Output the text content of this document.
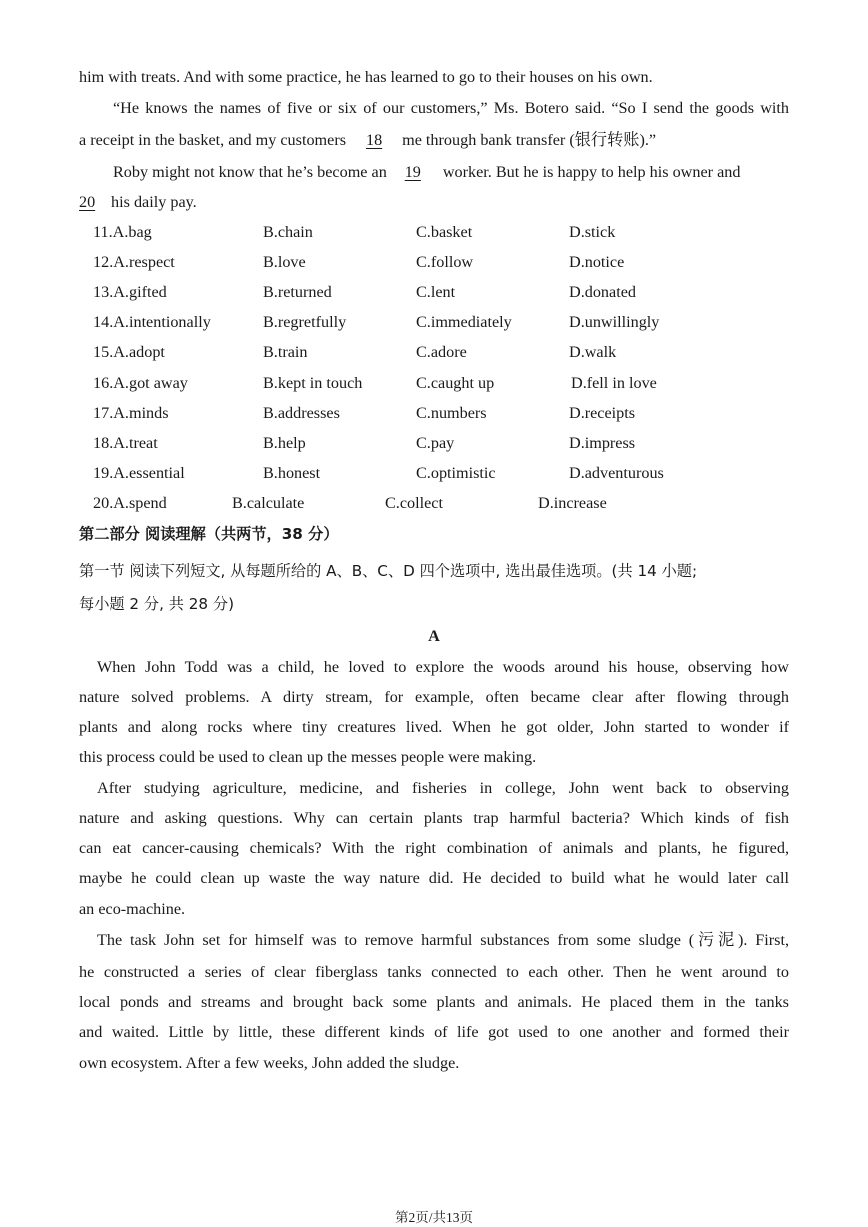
him with treats. And with some practice, he has learned to go to their houses on his own.
“He knows the names of five or six of our customers,” Ms. Botero said. “So I send the goods with
a receipt in the basket, and my customers 18 me through bank transfer (银行转账).”
Roby might not know that he’s become an 19 worker. But he is happy to help his owner and
20 his daily pay.
11.A.bag	B.chain	C.basket	D.stick
12.A.respect	B.love	C.follow	D.notice
13.A.gifted	B.returned	C.lent	D.donated
14.A.intentionally	B.regretfully	C.immediately	D.unwillingly
15.A.adopt	B.train	C.adore	D.walk
16.A.got away	B.kept in touch	C.caught up	D.fell in love
17.A.minds	B.addresses	C.numbers	D.receipts
18.A.treat	B.help	C.pay	D.impress
19.A.essential	B.honest	C.optimistic	D.adventurous
20.A.spend	B.calculate	C.collect	D.increase
第二部分 阅读理解（共两节，38 分）
第一节 阅读下列短文, 从每题所给的 A、B、C、D 四个选项中, 选出最佳选项。(共 14 小题;
每小题 2 分, 共 28 分)
A
When John Todd was a child, he loved to explore the woods around his house, observing how
nature solved problems. A dirty stream, for example, often became clear after flowing through
plants and along rocks where tiny creatures lived. When he got older, John started to wonder if
this process could be used to clean up the messes people were making.
After studying agriculture, medicine, and fisheries in college, John went back to observing
nature and asking questions. Why can certain plants trap harmful bacteria? Which kinds of fish
can eat cancer-causing chemicals? With the right combination of animals and plants, he figured,
maybe he could clean up waste the way nature did. He decided to build what he would later call
an eco-machine.
The task John set for himself was to remove harmful substances from some sludge (污泥). First,
he constructed a series of clear fiberglass tanks connected to each other. Then he went around to
local ponds and streams and brought back some plants and animals. He placed them in the tanks
and waited. Little by little, these different kinds of life got used to one another and formed their
own ecosystem. After a few weeks, John added the sludge.
第2页/共13页
